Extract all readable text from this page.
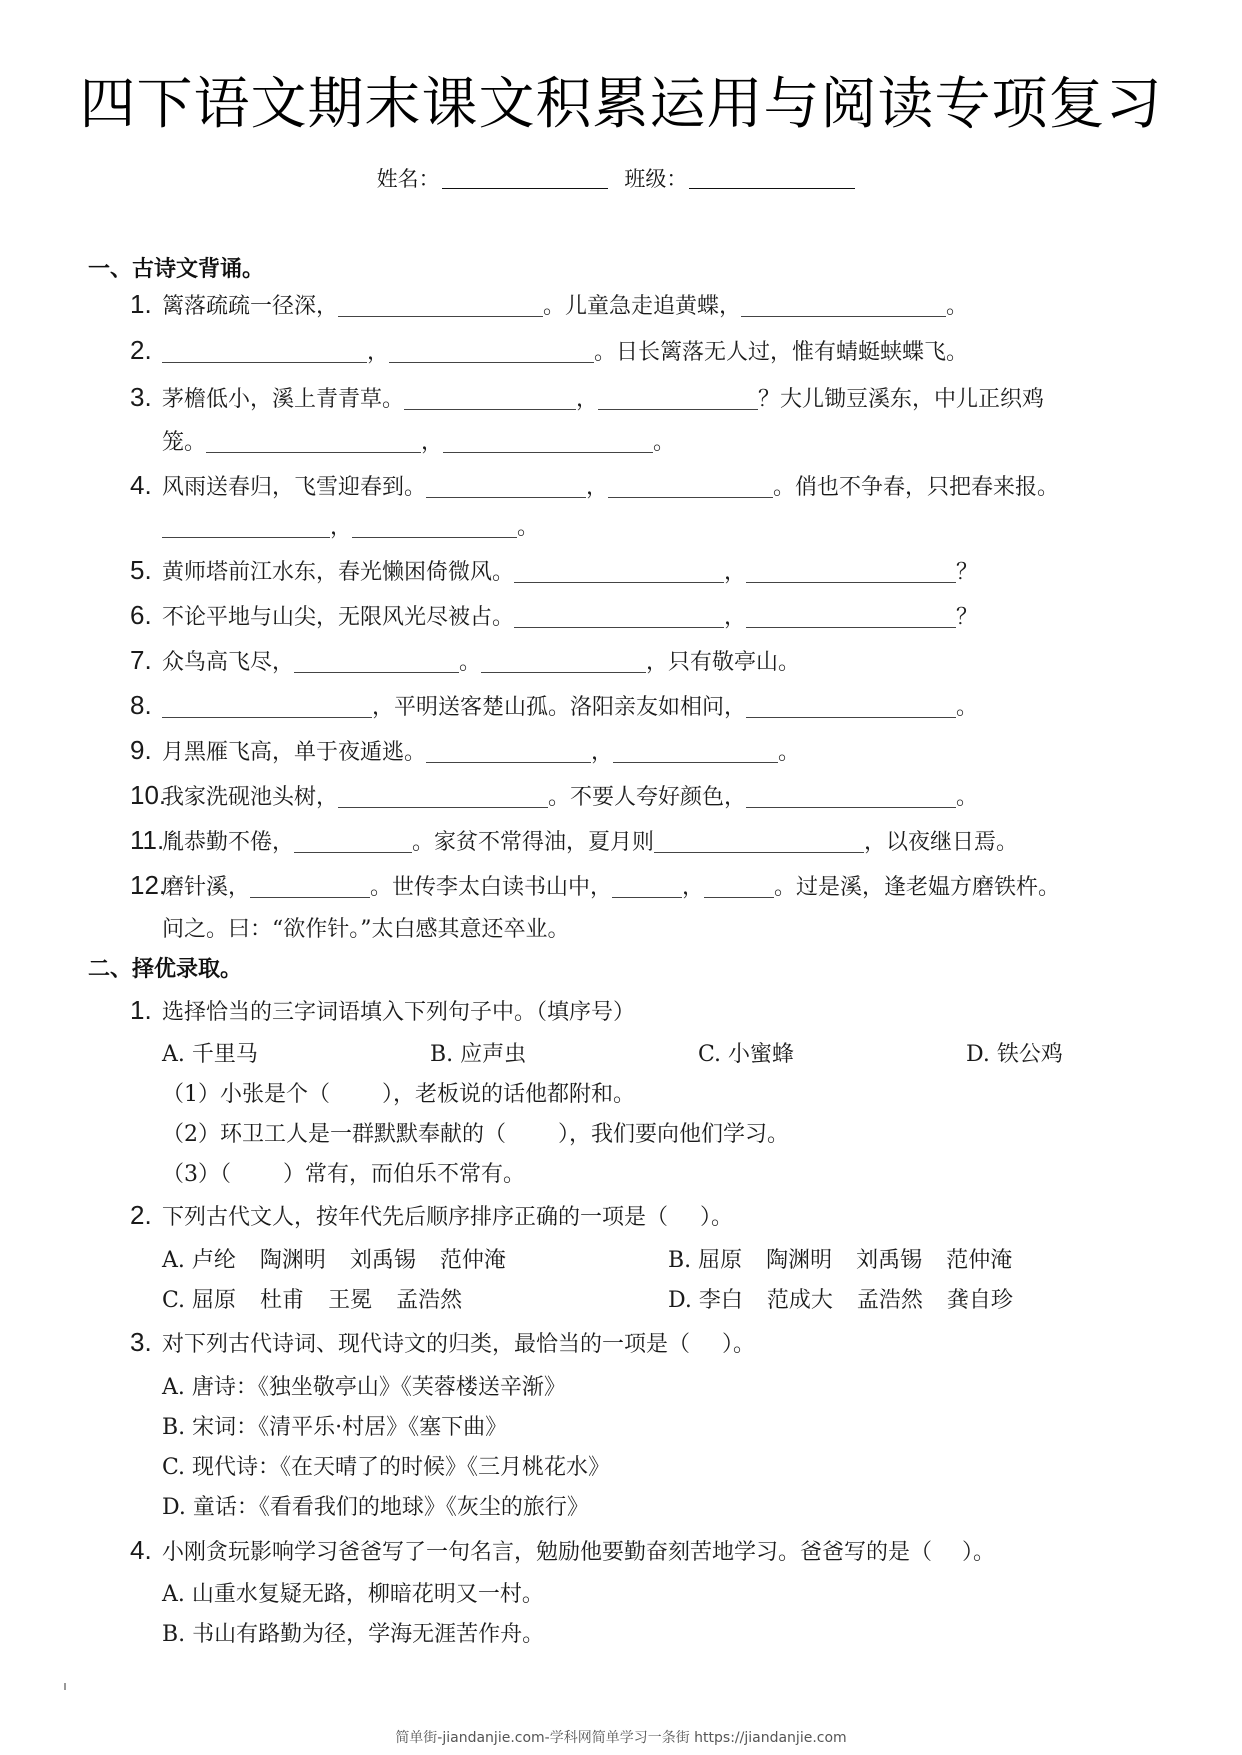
四下语文期末课文积累运用与阅读专项复习
姓名：	班级：
一、古诗文背诵。
1. 篱落疏疏一径深，	。儿童急走追黄蝶，	。
2.	，	。日长篱落无人过，惟有蜻蜓蛱蝶飞。
3. 茅檐低小，溪上青青草。	，	？大儿锄豆溪东，中儿正织鸡
笼。	，	。
4. 风雨送春归，飞雪迎春到。	，	。俏也不争春，只把春来报。
，	。
5. 黄师塔前江水东，春光懒困倚微风。	，	？
6. 不论平地与山尖，无限风光尽被占。	，	？
7. 众鸟高飞尽，	。	，只有敬亭山。
8.	，平明送客楚山孤。洛阳亲友如相问，	。
9. 月黑雁飞高，单于夜遁逃。	，	。
10.我家洗砚池头树，	。不要人夸好颜色，	。
11.胤恭勤不倦，	。家贫不常得油，夏月则	，以夜继日焉。
12.磨针溪，	。世传李太白读书山中，	，	。过是溪，逢老媪方磨铁杵。
问之。曰：“欲作针。”太白感其意还卒业。
二、择优录取。
1. 选择恰当的三字词语填入下列句子中。（填序号）
A. 千里马	B. 应声虫	C. 小蜜蜂	D. 铁公鸡
（1）小张是个（ ），老板说的话他都附和。
（2）环卫工人是一群默默奉献的（ ），我们要向他们学习。
（3）（ ）常有，而伯乐不常有。
2. 下列古代文人，按年代先后顺序排序正确的一项是（ ）。
A. 卢纶 陶渊明 刘禹锡 范仲淹	B. 屈原 陶渊明 刘禹锡 范仲淹
C. 屈原 杜甫 王冕 孟浩然	D. 李白 范成大 孟浩然 龚自珍
3. 对下列古代诗词、现代诗文的归类，最恰当的一项是（ ）。
A. 唐诗：《独坐敬亭山》《芙蓉楼送辛渐》
B. 宋词：《清平乐·村居》《塞下曲》
C. 现代诗：《在天晴了的时候》《三月桃花水》
D. 童话：《看看我们的地球》《灰尘的旅行》
4. 小刚贪玩影响学习爸爸写了一句名言，勉励他要勤奋刻苦地学习。爸爸写的是（ ）。
A. 山重水复疑无路，柳暗花明又一村。
B. 书山有路勤为径，学海无涯苦作舟。
简单街-jiandanjie.com-学科网简单学习一条街 https://jiandanjie.com
